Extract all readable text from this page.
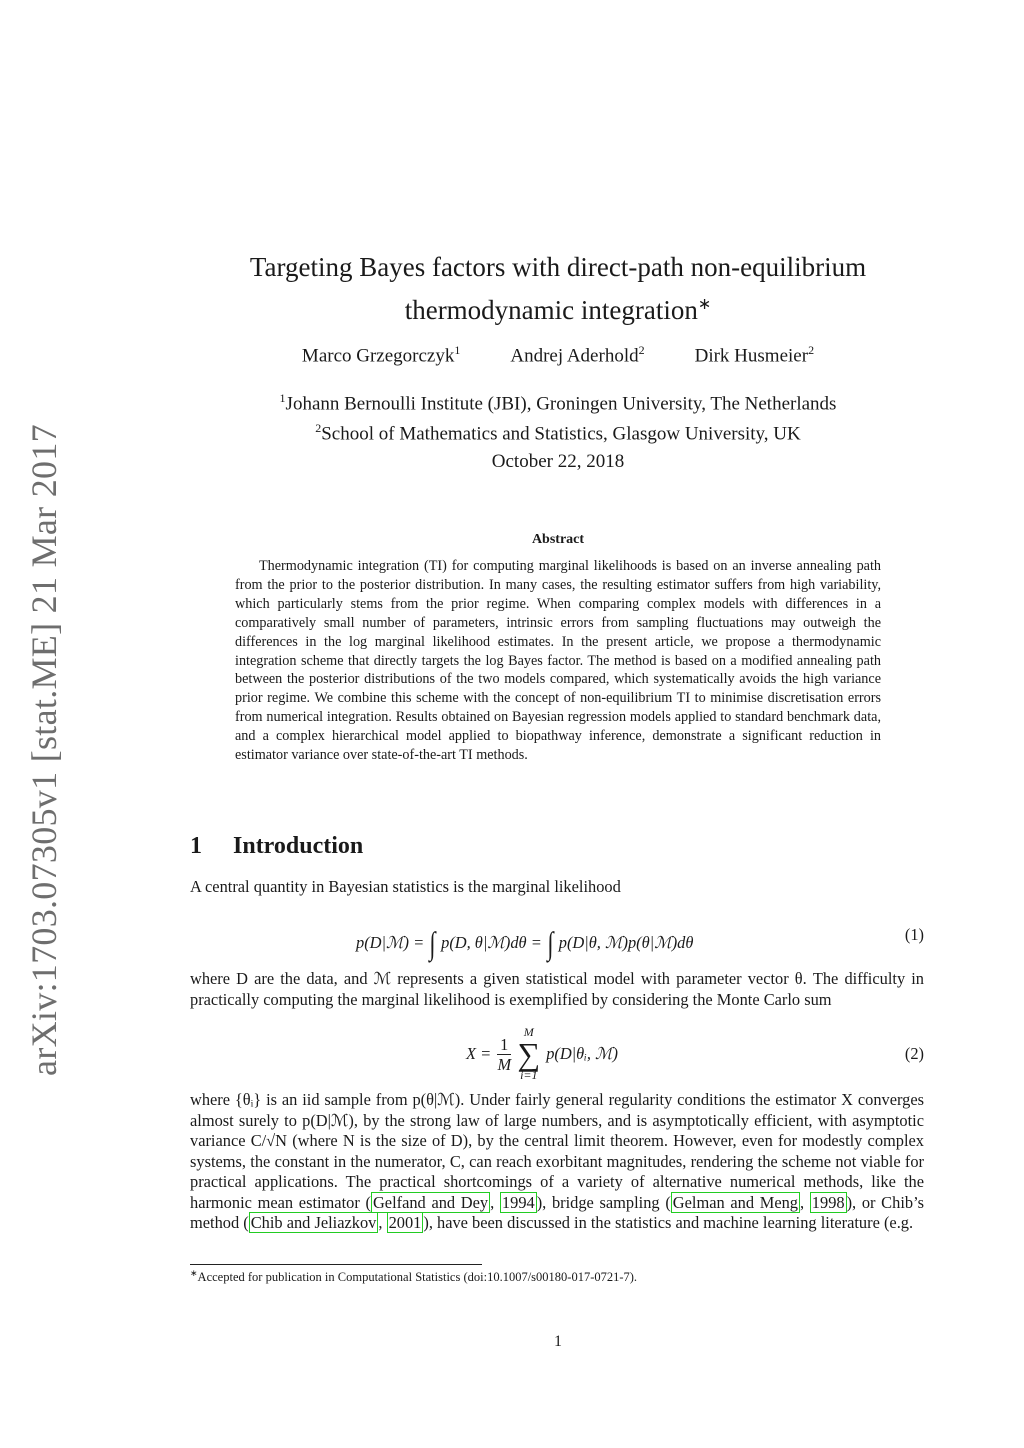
arXiv:1703.07305v1 [stat.ME] 21 Mar 2017
Targeting Bayes factors with direct-path non-equilibrium
thermodynamic integration∗
Marco Grzegorczyk$^1$	Andrej Aderhold$^2$	Dirk Husmeier$^2$
$^1$Johann Bernoulli Institute (JBI), Groningen University, The Netherlands
$^2$School of Mathematics and Statistics, Glasgow University, UK
October 22, 2018
Abstract
Thermodynamic integration (TI) for computing marginal likelihoods is based on an inverse annealing path from the prior to the posterior distribution. In many cases, the resulting estimator suffers from high variability, which particularly stems from the prior regime. When comparing complex models with differences in a comparatively small number of parameters, intrinsic errors from sampling fluctuations may outweigh the differences in the log marginal likelihood estimates. In the present article, we propose a thermodynamic integration scheme that directly targets the log Bayes factor. The method is based on a modified annealing path between the posterior distributions of the two models compared, which systematically avoids the high variance prior regime. We combine this scheme with the concept of non-equilibrium TI to minimise discretisation errors from numerical integration. Results obtained on Bayesian regression models applied to standard benchmark data, and a complex hierarchical model applied to biopathway inference, demonstrate a significant reduction in estimator variance over state-of-the-art TI methods.
1 Introduction
A central quantity in Bayesian statistics is the marginal likelihood
p(D|ℳ) = ∫ p(D, θ|ℳ)dθ = ∫ p(D|θ, ℳ)p(θ|ℳ)dθ	(1)
where D are the data, and ℳ represents a given statistical model with parameter vector θ. The difficulty in practically computing the marginal likelihood is exemplified by considering the Monte Carlo sum
$X = \frac{1}{M}$
M
∑
i=1
p(D|θᵢ, ℳ)	(2)
where {θᵢ} is an iid sample from p(θ|ℳ). Under fairly general regularity conditions the estimator X converges almost surely to p(D|ℳ), by the strong law of large numbers, and is asymptotically efficient, with asymptotic variance C/√N (where N is the size of D), by the central limit theorem. However, even for modestly complex systems, the constant in the numerator, C, can reach exorbitant magnitudes, rendering the scheme not viable for practical applications. The practical shortcomings of a variety of alternative numerical methods, like the harmonic mean estimator ( Gelfand and Dey , 1994 ), bridge sampling ( Gelman and Meng , 1998 ), or Chib’s method ( Chib and Jeliazkov , 2001 ), have been discussed in the statistics and machine learning literature (e.g.
∗Accepted for publication in Computational Statistics (doi:10.1007/s00180-017-0721-7).
1
